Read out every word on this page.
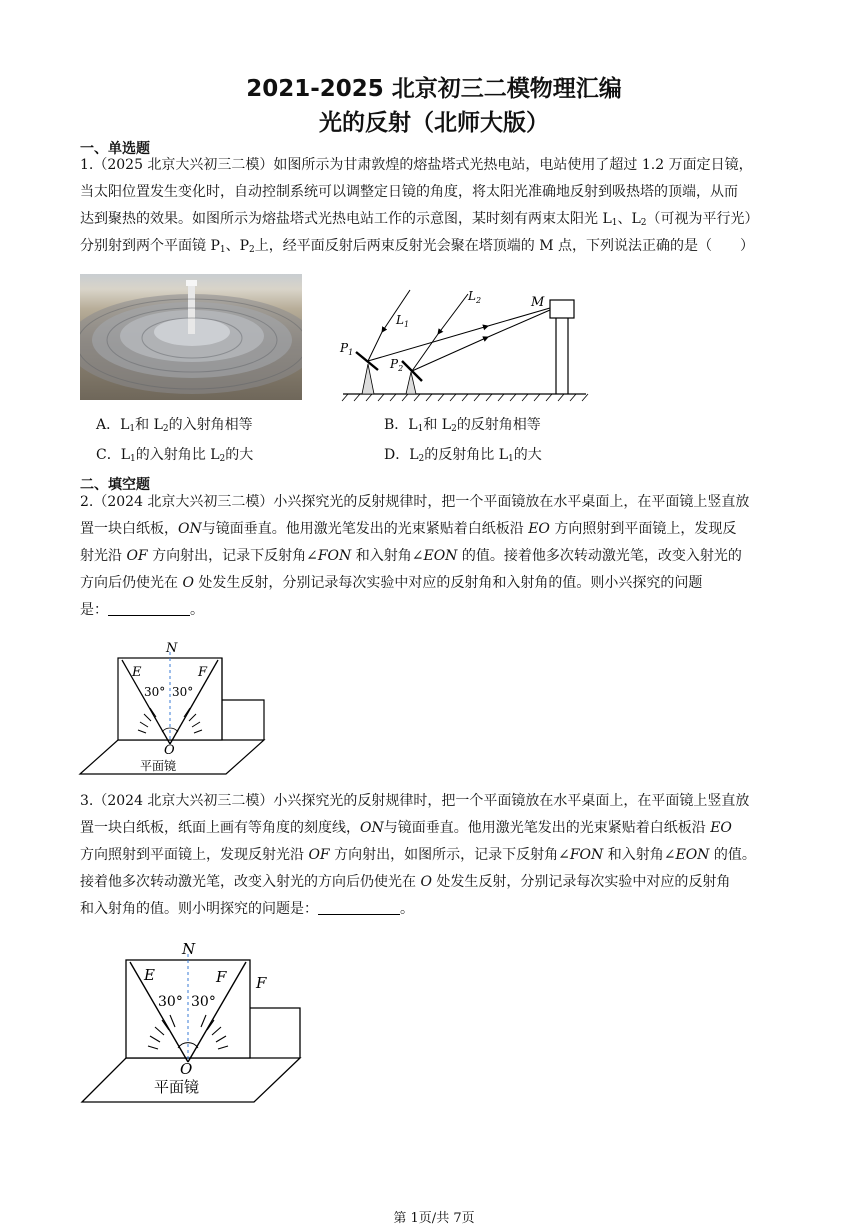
2021-2025 北京初三二模物理汇编
光的反射（北师大版）
一、单选题
1.（2025 北京大兴初三二模）如图所示为甘肃敦煌的熔盐塔式光热电站，电站使用了超过 1.2 万面定日镜，
当太阳位置发生变化时，自动控制系统可以调整定日镜的角度，将太阳光准确地反射到吸热塔的顶端，从而
达到聚热的效果。如图所示为熔盐塔式光热电站工作的示意图，某时刻有两束太阳光 $L_1$、$L_2$（可视为平行光）
分别射到两个平面镜 $P_1$、$P_2$上，经平面反射后两束反射光会聚在塔顶端的 M 点，下列说法正确的是（　　）
M
$L_2$
$L_1$
$P_1$
$P_2$
A．$L_1$和 $L_2$的入射角相等	B．$L_1$和 $L_2$的反射角相等
C．$L_1$的入射角比 $L_2$的大	D．$L_2$的反射角比 $L_1$的大
二、填空题
2.（2024 北京大兴初三二模）小兴探究光的反射规律时，把一个平面镜放在水平桌面上，在平面镜上竖直放
置一块白纸板，ON与镜面垂直。他用激光笔发出的光束紧贴着白纸板沿 EO 方向照射到平面镜上，发现反
射光沿 OF 方向射出，记录下反射角∠FON 和入射角∠EON 的值。接着他多次转动激光笔，改变入射光的
方向后仍使光在 O 处发生反射，分别记录每次实验中对应的反射角和入射角的值。则小兴探究的问题
是：	。
N
E	F
30° 30°
O
平面镜
3.（2024 北京大兴初三二模）小兴探究光的反射规律时，把一个平面镜放在水平桌面上，在平面镜上竖直放
置一块白纸板，纸面上画有等角度的刻度线，ON与镜面垂直。他用激光笔发出的光束紧贴着白纸板沿 EO
方向照射到平面镜上，发现反射光沿 OF 方向射出，如图所示，记录下反射角∠FON 和入射角∠EON 的值。
接着他多次转动激光笔，改变入射光的方向后仍使光在 O 处发生反射，分别记录每次实验中对应的反射角
和入射角的值。则小明探究的问题是：	。
N
E	F F
30° 30°
O
平面镜
第 1页/共 7页
